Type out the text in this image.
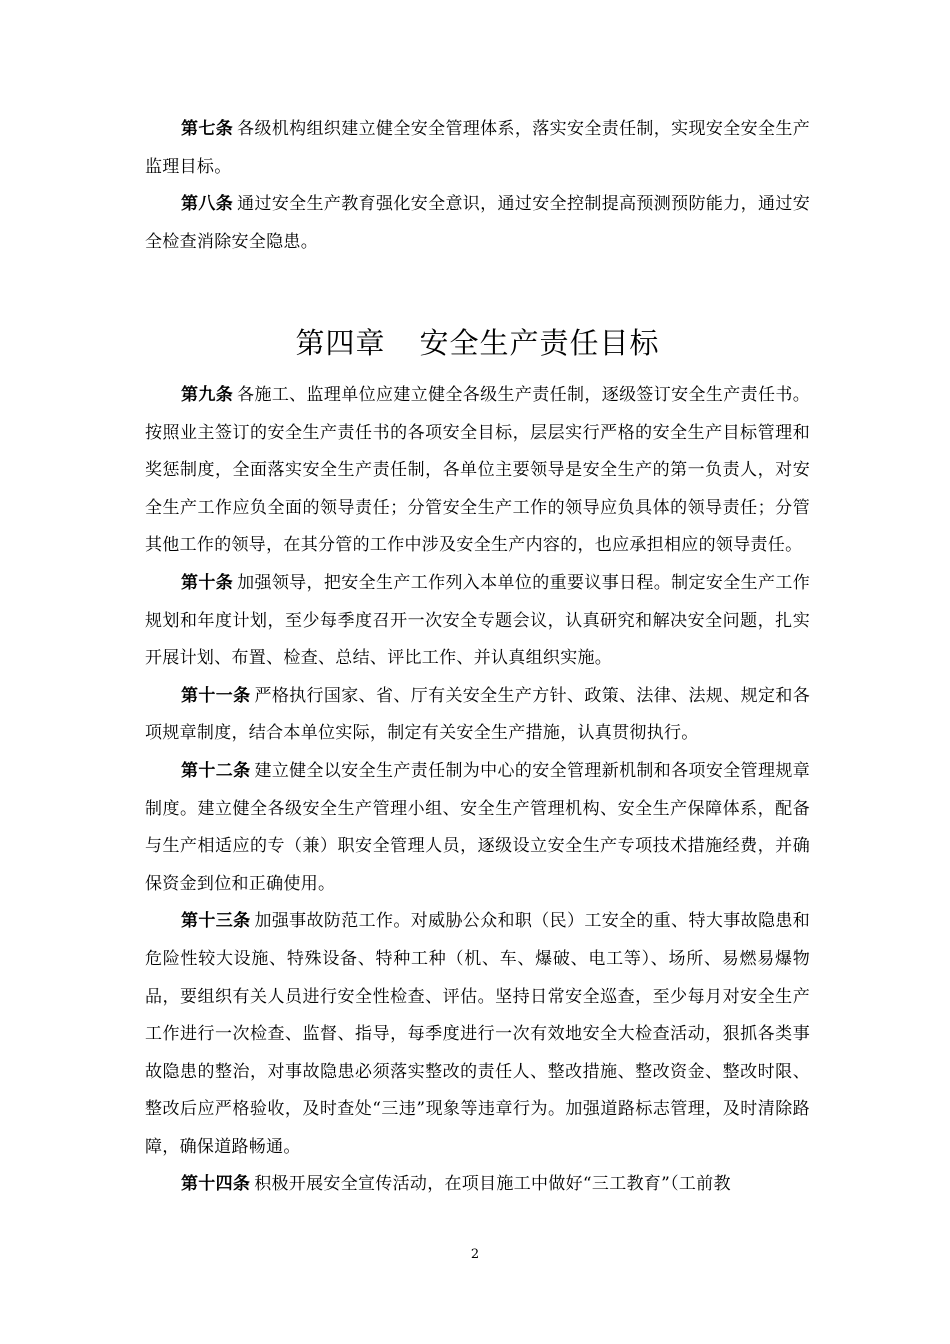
第七条 各级机构组织建立健全安全管理体系，落实安全责任制，实现安全安全生产监理目标。

第八条 通过安全生产教育强化安全意识，通过安全控制提高预测预防能力，通过安全检查消除安全隐患。

第四章 安全生产责任目标

第九条 各施工、监理单位应建立健全各级生产责任制，逐级签订安全生产责任书。按照业主签订的安全生产责任书的各项安全目标，层层实行严格的安全生产目标管理和奖惩制度，全面落实安全生产责任制，各单位主要领导是安全生产的第一负责人，对安全生产工作应负全面的领导责任；分管安全生产工作的领导应负具体的领导责任；分管其他工作的领导，在其分管的工作中涉及安全生产内容的，也应承担相应的领导责任。

第十条 加强领导，把安全生产工作列入本单位的重要议事日程。制定安全生产工作规划和年度计划，至少每季度召开一次安全专题会议，认真研究和解决安全问题，扎实开展计划、布置、检查、总结、评比工作、并认真组织实施。

第十一条 严格执行国家、省、厅有关安全生产方针、政策、法律、法规、规定和各项规章制度，结合本单位实际，制定有关安全生产措施，认真贯彻执行。

第十二条 建立健全以安全生产责任制为中心的安全管理新机制和各项安全管理规章制度。建立健全各级安全生产管理小组、安全生产管理机构、安全生产保障体系，配备与生产相适应的专（兼）职安全管理人员，逐级设立安全生产专项技术措施经费，并确保资金到位和正确使用。

第十三条 加强事故防范工作。对威胁公众和职（民）工安全的重、特大事故隐患和危险性较大设施、特殊设备、特种工种（机、车、爆破、电工等）、场所、易燃易爆物品，要组织有关人员进行安全性检查、评估。坚持日常安全巡查，至少每月对安全生产工作进行一次检查、监督、指导，每季度进行一次有效地安全大检查活动，狠抓各类事故隐患的整治，对事故隐患必须落实整改的责任人、整改措施、整改资金、整改时限、整改后应严格验收，及时查处“三违”现象等违章行为。加强道路标志管理，及时清除路障，确保道路畅通。

第十四条 积极开展安全宣传活动，在项目施工中做好“三工教育”（工前教

2
